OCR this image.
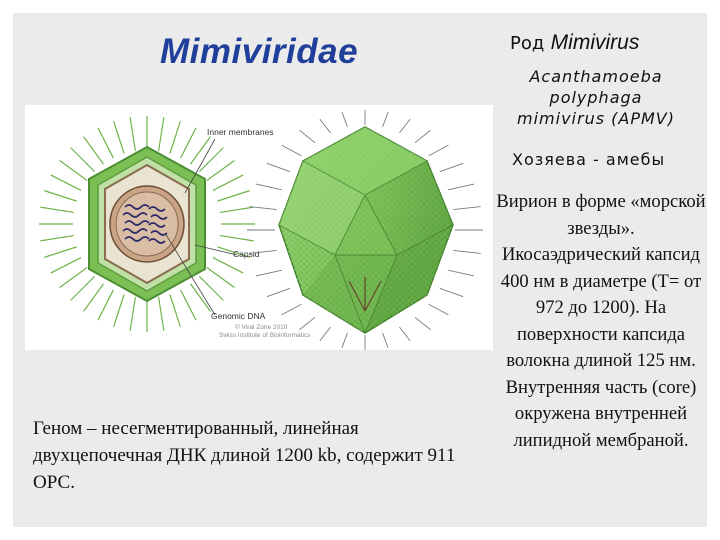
Mimiviridae	Род Mimivirus
Acanthamoeba polyphaga mimivirus (APMV)
Хозяева - амебы
Inner membranes
Capsid
Genomic DNA
© Viral Zone 2010
Swiss Institute of Bioinformatics
Геном – несегментированный, линейная двухцепочечная ДНК длиной 1200 kb, содержит 911 ОРС.
Вирион в форме «морской звезды». Икосаэдрический капсид 400 нм в диаметре (T= от 972 до 1200). На поверхности капсида волокна длиной 125 нм. Внутренняя часть (core) окружена внутренней липидной мембраной.
